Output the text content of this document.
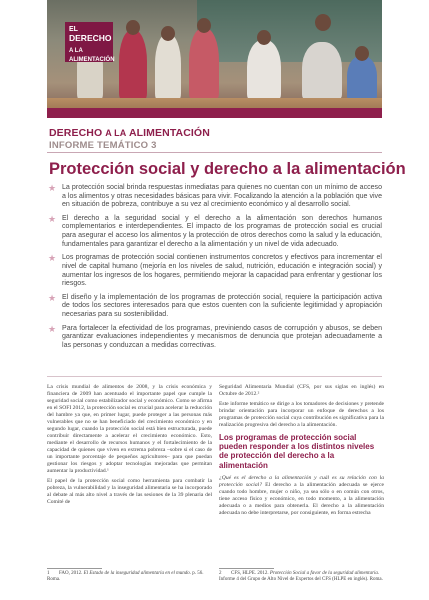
EL
DERECHO
A LA ALIMENTACIÓN
DERECHO A LA ALIMENTACIÓN
INFORME TEMÁTICO 3
Protección social y derecho a la alimentación
★ La protección social brinda respuestas inmediatas para quienes no cuentan con un mínimo de acceso a los alimentos y otras necesidades básicas para vivir. Focalizando la atención a la población que vive en situación de pobreza, contribuye a su vez al crecimiento económico y al desarrollo social.
★ El derecho a la seguridad social y el derecho a la alimentación son derechos humanos complementarios e interdependientes. El impacto de los programas de protección social es crucial para asegurar el acceso los alimentos y la protección de otros derechos como la salud y la educación, fundamentales para garantizar el derecho a la alimentación y un nivel de vida adecuado.
★ Los programas de protección social contienen instrumentos concretos y efectivos para incrementar el nivel de capital humano (mejoría en los niveles de salud, nutrición, educación e integración social) y aumentar los ingresos de los hogares, permitiendo mejorar la capacidad para enfrentar y gestionar los riesgos.
★ El diseño y la implementación de los programas de protección social, requiere la participación activa de todos los sectores interesados para que estos cuenten con la suficiente legitimidad y apropiación necesarias para su sostenibilidad.
★ Para fortalecer la efectividad de los programas, previniendo casos de corrupción y abusos, se deben garantizar evaluaciones independientes y mecanismos de denuncia que protejan adecuadamente a las personas y conduzcan a medidas correctivas.

La crisis mundial de alimentos de 2008, y la crisis económica y financiera de 2009 han acentuado el importante papel que cumple la seguridad social como estabilizador social y económico. Como se afirma en el SOFI 2012, la protección social es crucial para acelerar la reducción del hambre ya que, en primer lugar, puede proteger a las personas más vulnerables que no se han beneficiado del crecimiento económico y en segundo lugar, cuando la protección social está bien estructurada, puede contribuir directamente a acelerar el crecimiento económico. Esto, mediante el desarrollo de recursos humanos y el fortalecimiento de la capacidad de quienes que viven en extrema pobreza –sobre si el caso de un importante porcentaje de pequeños agricultores– para que puedan gestionar los riesgos y adoptar tecnologías mejoradas que permitan aumentar la productividad.¹

El papel de la protección social como herramienta para combatir la pobreza, la vulnerabilidad y la inseguridad alimentaria se ha incorporado al debate al más alto nivel a través de las sesiones de la 39 plenaria del Comité de

Seguridad Alimentaria Mundial (CFS, por sus siglas en inglés) en Octubre de 2012.²

Este informe temático se dirige a los tomadores de decisiones y pretende brindar orientación para incorporar un enfoque de derechos a los programas de protección social cuya contribución es significativa para la realización progresiva del derecho a la alimentación.

Los programas de protección social pueden responder a los distintos niveles de protección del derecho a la alimentación

¿Qué es el derecho a la alimentación y cuál es su relación con la protección social? El derecho a la alimentación adecuada se ejerce cuando todo hombre, mujer o niño, ya sea sólo o en común con otros, tiene acceso físico y económico, en todo momento, a la alimentación adecuada o a medios para obtenerla. El derecho a la alimentación adecuada no debe interpretarse, por consiguiente, en forma estrecha

1 FAO, 2012. El Estado de la inseguridad alimentaria en el mundo. p. 56. Roma.
2 CFS, HLPE. 2012. Protección Social a favor de la seguridad alimentaria. Informe 4 del Grupo de Alto Nivel de Expertos del CFS (HLPE en inglés). Roma.
